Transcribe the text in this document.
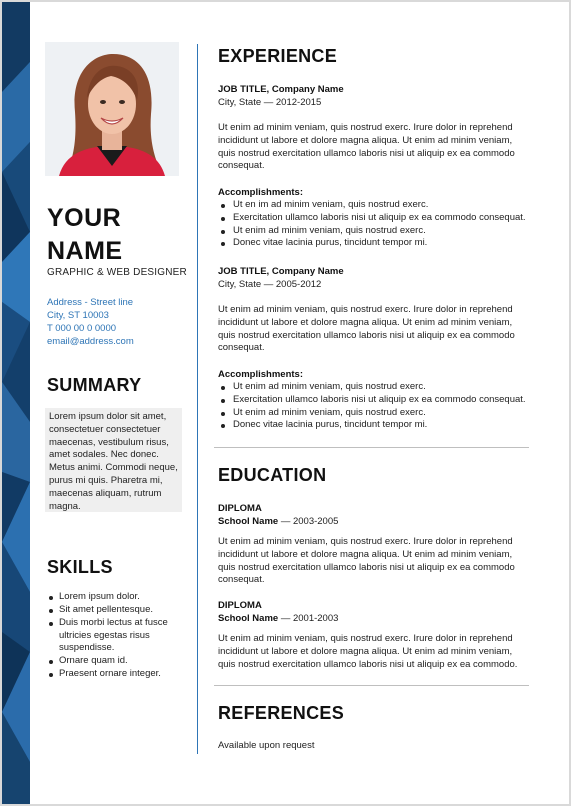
YOUR
NAME
GRAPHIC & WEB DESIGNER
Address - Street line
City, ST 10003
T 000 00 0 0000
email@address.com
SUMMARY
Lorem ipsum dolor sit amet, consectetuer consectetuer maecenas, vestibulum risus, amet sodales. Nec donec. Metus animi. Commodi neque, purus mi quis. Pharetra mi, maecenas aliquam, rutrum magna.
SKILLS
Lorem ipsum dolor.
Sit amet pellentesque.
Duis morbi lectus at fusce ultricies egestas risus suspendisse.
Ornare quam id.
Praesent ornare integer.
EXPERIENCE
JOB TITLE, Company Name
City, State — 2012-2015
Ut enim ad minim veniam, quis nostrud exerc. Irure dolor in reprehend incididunt ut labore et dolore magna aliqua. Ut enim ad minim veniam, quis nostrud exercitation ullamco laboris nisi ut aliquip ex ea commodo consequat.
Accomplishments:
Ut en im ad minim veniam, quis nostrud exerc.
Exercitation ullamco laboris nisi ut aliquip ex ea commodo consequat.
Ut enim ad minim veniam, quis nostrud exerc.
Donec vitae lacinia purus, tincidunt tempor mi.
JOB TITLE, Company Name
City, State — 2005-2012
Ut enim ad minim veniam, quis nostrud exerc. Irure dolor in reprehend incididunt ut labore et dolore magna aliqua. Ut enim ad minim veniam, quis nostrud exercitation ullamco laboris nisi ut aliquip ex ea commodo consequat.
Accomplishments:
Ut enim ad minim veniam, quis nostrud exerc.
Exercitation ullamco laboris nisi ut aliquip ex ea commodo consequat.
Ut enim ad minim veniam, quis nostrud exerc.
Donec vitae lacinia purus, tincidunt tempor mi.
EDUCATION
DIPLOMA
School Name — 2003-2005
Ut enim ad minim veniam, quis nostrud exerc. Irure dolor in reprehend incididunt ut labore et dolore magna aliqua. Ut enim ad minim veniam, quis nostrud exercitation ullamco laboris nisi ut aliquip ex ea commodo consequat.
DIPLOMA
School Name — 2001-2003
Ut enim ad minim veniam, quis nostrud exerc. Irure dolor in reprehend incididunt ut labore et dolore magna aliqua. Ut enim ad minim veniam, quis nostrud exercitation ullamco laboris nisi ut aliquip ex ea commodo.
REFERENCES
Available upon request
